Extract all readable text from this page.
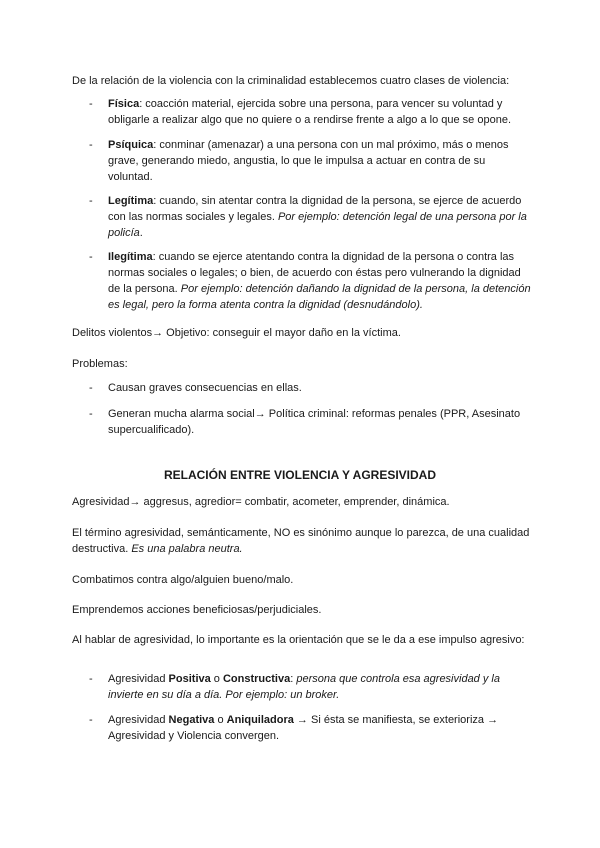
De la relación de la violencia con la criminalidad establecemos cuatro clases de violencia:

-	Física: coacción material, ejercida sobre una persona, para vencer su voluntad y obligarle a realizar algo que no quiere o a rendirse frente a algo a lo que se opone.
-	Psíquica: conminar (amenazar) a una persona con un mal próximo, más o menos grave, generando miedo, angustia, lo que le impulsa a actuar en contra de su voluntad.
-	Legítima: cuando, sin atentar contra la dignidad de la persona, se ejerce de acuerdo con las normas sociales y legales. Por ejemplo: detención legal de una persona por la policía.
-	Ilegítima: cuando se ejerce atentando contra la dignidad de la persona o contra las normas sociales o legales; o bien, de acuerdo con éstas pero vulnerando la dignidad de la persona. Por ejemplo: detención dañando la dignidad de la persona, la detención es legal, pero la forma atenta contra la dignidad (desnudándolo).

Delitos violentos→ Objetivo: conseguir el mayor daño en la víctima.

Problemas:

-	Causan graves consecuencias en ellas.
-	Generan mucha alarma social→ Política criminal: reformas penales (PPR, Asesinato supercualificado).
RELACIÓN ENTRE VIOLENCIA Y AGRESIVIDAD

Agresividad→ aggresus, agredior= combatir, acometer, emprender, dinámica.

El término agresividad, semánticamente, NO es sinónimo aunque lo parezca, de una cualidad destructiva. Es una palabra neutra.

Combatimos contra algo/alguien bueno/malo.

Emprendemos acciones beneficiosas/perjudiciales.

Al hablar de agresividad, lo importante es la orientación que se le da a ese impulso agresivo:

-	Agresividad Positiva o Constructiva: persona que controla esa agresividad y la invierte en su día a día. Por ejemplo: un broker.
-	Agresividad Negativa o Aniquiladora → Si ésta se manifiesta, se exterioriza → Agresividad y Violencia convergen.
